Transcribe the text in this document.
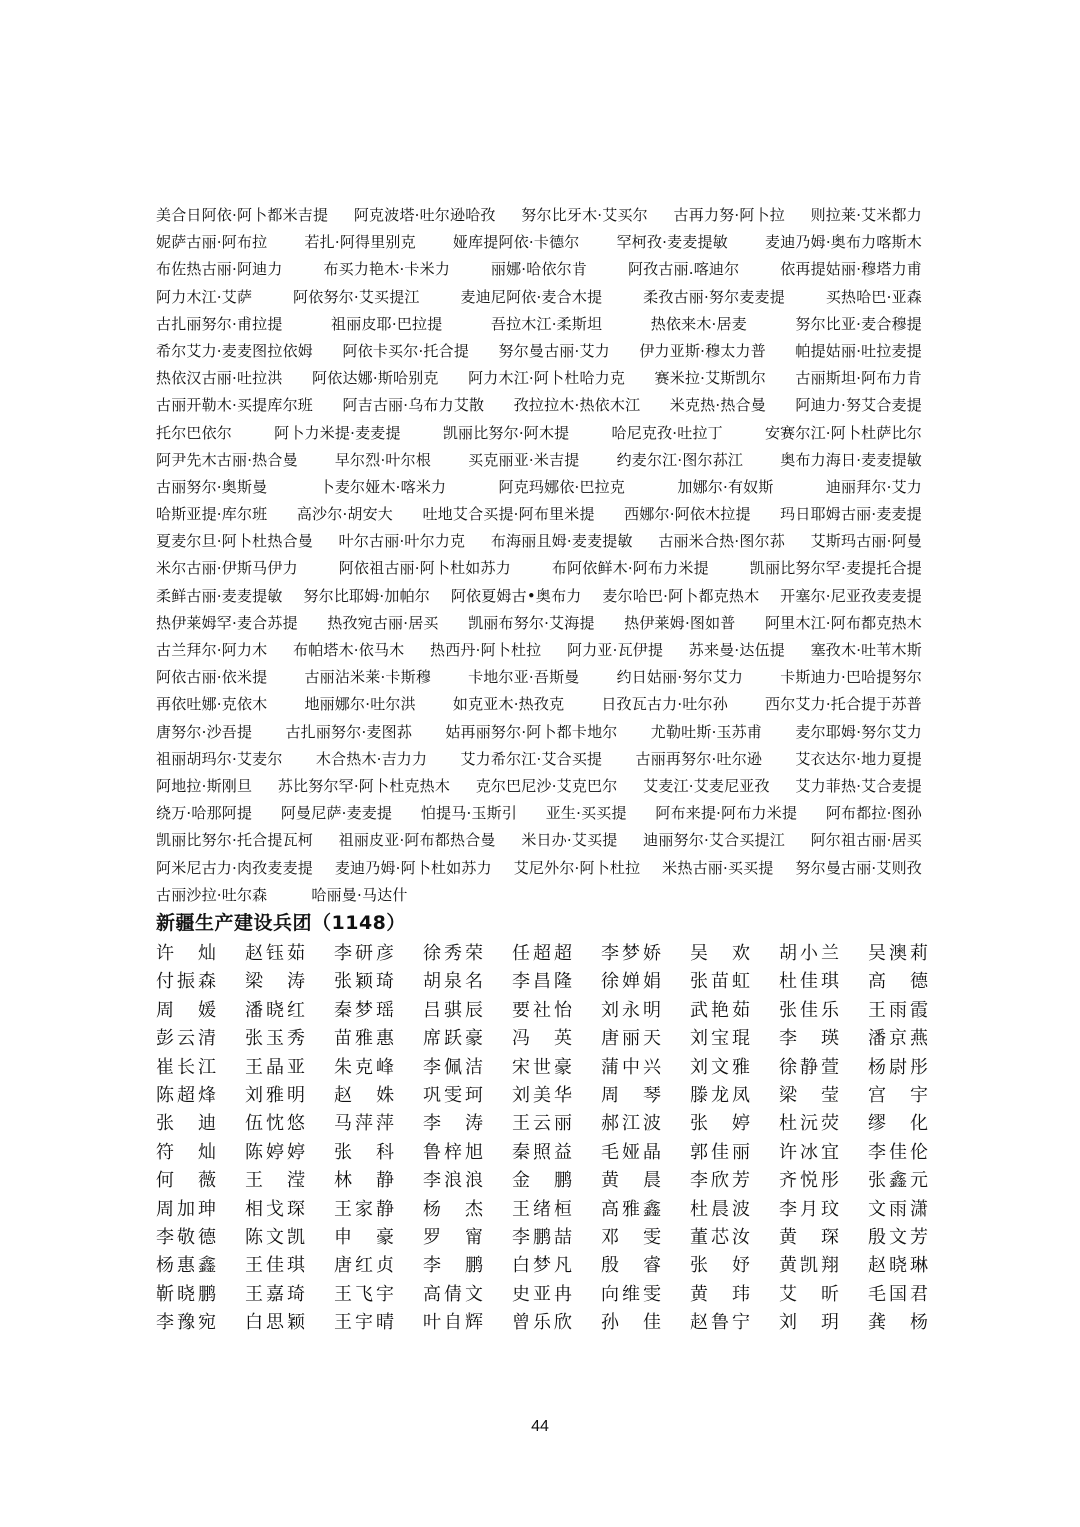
美合日阿依·阿卜都米吉提 阿克波塔·吐尔逊哈孜 努尔比牙木·艾买尔 古再力努·阿卜拉 则拉莱·艾米都力
妮萨古丽·阿布拉 若扎·阿得里别克 娅库提阿依·卡德尔 罕柯孜·麦麦提敏 麦迪乃姆·奥布力喀斯木
布佐热古丽·阿迪力	布买力艳木·卡米力	丽娜·哈依尔肯	阿孜古丽.喀迪尔	依再提姑丽·穆塔力甫
阿力木江·艾萨	阿依努尔·艾买提江	麦迪尼阿依·麦合木提	柔孜古丽·努尔麦麦提	买热哈巴·亚森
古扎丽努尔·甫拉提	祖丽皮耶·巴拉提	吾拉木江·柔斯坦	热依来木·居麦	努尔比亚·麦合穆提
希尔艾力·麦麦图拉依姆 阿依卡买尔·托合提 努尔曼古丽·艾力 伊力亚斯·穆太力普 帕提姑丽·吐拉麦提
热依汉古丽·吐拉洪 阿依达娜·斯哈别克 阿力木江·阿卜杜哈力克 赛米拉·艾斯凯尔 古丽斯坦·阿布力肯
古丽开勒木·买提库尔班 阿吉古丽·乌布力艾散 孜拉拉木·热依木江 米克热·热合曼 阿迪力·努艾合麦提
托尔巴依尔	阿卜力米提·麦麦提	凯丽比努尔·阿木提	哈尼克孜·吐拉丁	安赛尔江·阿卜杜萨比尔
阿尹先木古丽·热合曼 早尔烈·叶尔根 买克丽亚·米吉提 约麦尔江·图尔荪江 奥布力海日·麦麦提敏
古丽努尔·奥斯曼	卜麦尔娅木·喀米力	阿克玛娜依·巴拉克	加娜尔·有奴斯	迪丽拜尔·艾力
哈斯亚提·库尔班 高沙尔·胡安大 吐地艾合买提·阿布里米提 西娜尔·阿依木拉提 玛日耶姆古丽·麦麦提
夏麦尔旦·阿卜杜热合曼 叶尔古丽·叶尔力克 布海丽且姆·麦麦提敏 古丽米合热·图尔荪 艾斯玛古丽·阿曼
米尔古丽·伊斯马伊力	阿依祖古丽·阿卜杜如苏力	布阿依鲜木·阿布力米提	凯丽比努尔罕·麦提托合提
柔鲜古丽·麦麦提敏 努尔比耶姆·加帕尔 阿依夏姆古•奥布力 麦尔哈巴·阿卜都克热木 开塞尔·尼亚孜麦麦提
热伊莱姆罕·麦合苏提 热孜宛古丽·居买 凯丽布努尔·艾海提 热伊莱姆·图如普 阿里木江·阿布都克热木
古兰拜尔·阿力木 布帕塔木·依马木 热西丹·阿卜杜拉 阿力亚·瓦伊提 苏来曼·达伍提 塞孜木·吐苇木斯
阿依古丽·依米提 古丽沾米莱·卡斯穆 卡地尔亚·吾斯曼 约日姑丽·努尔艾力 卡斯迪力·巴哈提努尔
再依吐娜·克依木 地丽娜尔·吐尔洪 如克亚木·热孜克 日孜瓦古力·吐尔孙 西尔艾力·托合提于苏普
唐努尔·沙吾提 古扎丽努尔·麦图荪 姑再丽努尔·阿卜都卡地尔 尤勒吐斯·玉苏甫 麦尔耶姆·努尔艾力
祖丽胡玛尔·艾麦尔 木合热木·吉力力 艾力希尔江·艾合买提 古丽再努尔·吐尔逊 艾衣达尔·地力夏提
阿地拉·斯刚旦 苏比努尔罕·阿卜杜克热木 克尔巴尼沙·艾克巴尔 艾麦江·艾麦尼亚孜 艾力菲热·艾合麦提
绕万·哈那阿提 阿曼尼萨·麦麦提 怕提马·玉斯引 亚生·买买提 阿布来提·阿布力米提 阿布都拉·图孙
凯丽比努尔·托合提瓦柯 祖丽皮亚·阿布都热合曼 米日办·艾买提 迪丽努尔·艾合买提江 阿尔祖古丽·居买
阿米尼古力·肉孜麦麦提 麦迪乃姆·阿卜杜如苏力 艾尼外尔·阿卜杜拉 米热古丽·买买提 努尔曼古丽·艾则孜
古丽沙拉·吐尔森	哈丽曼·马达什
新疆生产建设兵团（1148）
许 灿 赵钰茹 李研彦 徐秀荣 任超超 李梦娇 吴 欢 胡小兰 吴澳莉
付振森 梁 涛 张颖琦 胡泉名 李昌隆 徐婵娟 张苗虹 杜佳琪 高 德
周 媛 潘晓红 秦梦瑶 吕骐辰 要社怡 刘永明 武艳茹 张佳乐 王雨霞
彭云清 张玉秀 苗雅惠 席跃豪 冯 英 唐丽天 刘宝琨 李 瑛 潘京燕
崔长江 王晶亚 朱克峰 李佩洁 宋世豪 蒲中兴 刘文雅 徐静萱 杨尉彤
陈超烽 刘雅明 赵 姝 巩雯珂 刘美华 周 琴 滕龙凤 梁 莹 宫 宇
张 迪 伍忱悠 马萍萍 李 涛 王云丽 郝江波 张 婷 杜沅荧 缪 化
符 灿 陈婷婷 张 科 鲁梓旭 秦照益 毛娅晶 郭佳丽 许冰宜 李佳伦
何 薇 王 滢 林 静 李浪浪 金 鹏 黄 晨 李欣芳 齐悦彤 张鑫元
周加珅 相戈琛 王家静 杨 杰 王绪桓 高雅鑫 杜晨波 李月玟 文雨潇
李敬德 陈文凯 申 豪 罗 甯 李鹏喆 邓 雯 董芯汝 黄 琛 殷文芳
杨惠鑫 王佳琪 唐红贞 李 鹏 白梦凡 殷 睿 张 妤 黄凯翔 赵晓琳
靳晓鹏 王嘉琦 王飞宇 高倩文 史亚冉 向维雯 黄 玮 艾 昕 毛国君
李豫宛 白思颖 王宇晴 叶自辉 曾乐欣 孙 佳 赵鲁宁 刘 玥 龚 杨
44
